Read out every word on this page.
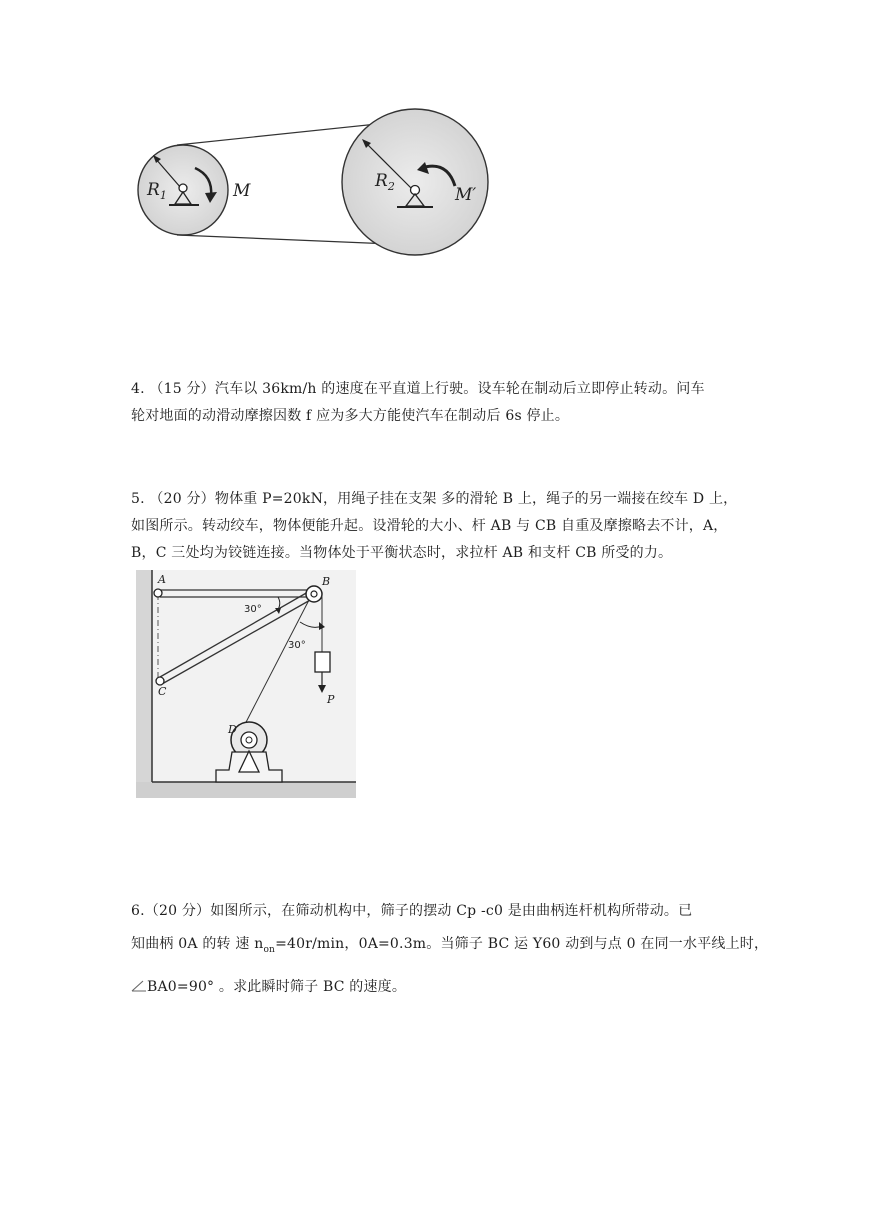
$R_1$	M	$R_2$	M′

4. （15 分）汽车以 36km/h 的速度在平直道上行驶。设车轮在制动后立即停止转动。问车

轮对地面的动滑动摩擦因数 f 应为多大方能使汽车在制动后 6s 停止。

5. （20 分）物体重 P=20kN，用绳子挂在支架 多的滑轮 B 上，绳子的另一端接在绞车 D 上，

如图所示。转动绞车，物体便能升起。设滑轮的大小、杆 AB 与 CB 自重及摩擦略去不计，A，

B，C 三处均为铰链连接。当物体处于平衡状态时，求拉杆 AB 和支杆 CB 所受的力。

A	B
C
D
P
30°
30°

6.（20 分）如图所示，在筛动机构中，筛子的摆动 Cp -c0 是由曲柄连杆机构所带动。已

知曲柄 0A 的转 速 $n_{on}=40r/\min$，0A=0.3m。当筛子 BC 运 Y60 动到与点 0 在同一水平线上时，

BA0=90° 。求此瞬时筛子 BC 的速度。
